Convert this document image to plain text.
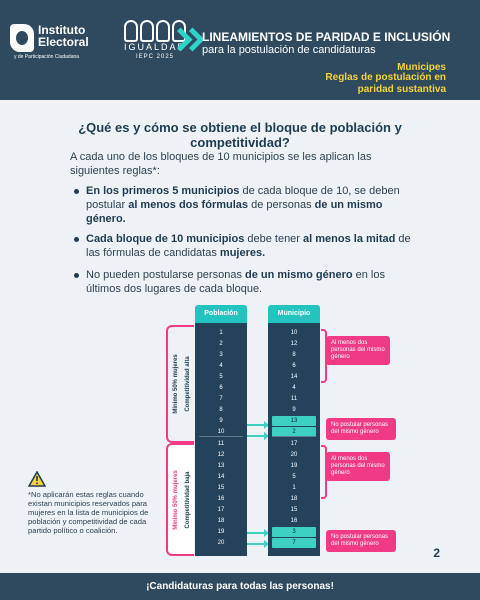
Instituto
Electoral
y de Participación Ciudadana
IGUALDAD
IEPC 2025
LINEAMIENTOS DE PARIDAD E INCLUSIÓN
para la postulación de candidaturas
Municipes
Reglas de postulación en
paridad sustantiva
¿Qué es y cómo se obtiene el bloque de población y competitividad?
A cada uno de los bloques de 10 municipios se les aplican las siguientes reglas*:
En los primeros 5 municipios de cada bloque de 10, se deben postular al menos dos fórmulas de personas de un mismo género.
Cada bloque de 10 municipios debe tener al menos la mitad de las fórmulas de candidatas mujeres.
No pueden postularse personas de un mismo género en los últimos dos lugares de cada bloque.
Mínimo 50% mujeres Competitividad alta
Mínimo 50% mujeres Competitividad baja
Población
1
2
3
4
5
6
7
8
9
10
11
12
13
14
15
16
17
18
19
20
Municipio
10
12
8
6
14
4
11
9
13
2
17
20
19
5
1
18
15
16
3
7
Al menos dos personas del mismo género
No postular personas del mismo género
Al menos dos personas del mismo género
No postular personas del mismo género
*No aplicarán estas reglas cuando existan municipios reservados para mujeres en la lista de municipios de población y competitividad de cada partido político o coalición.
2
¡Candidaturas para todas las personas!
